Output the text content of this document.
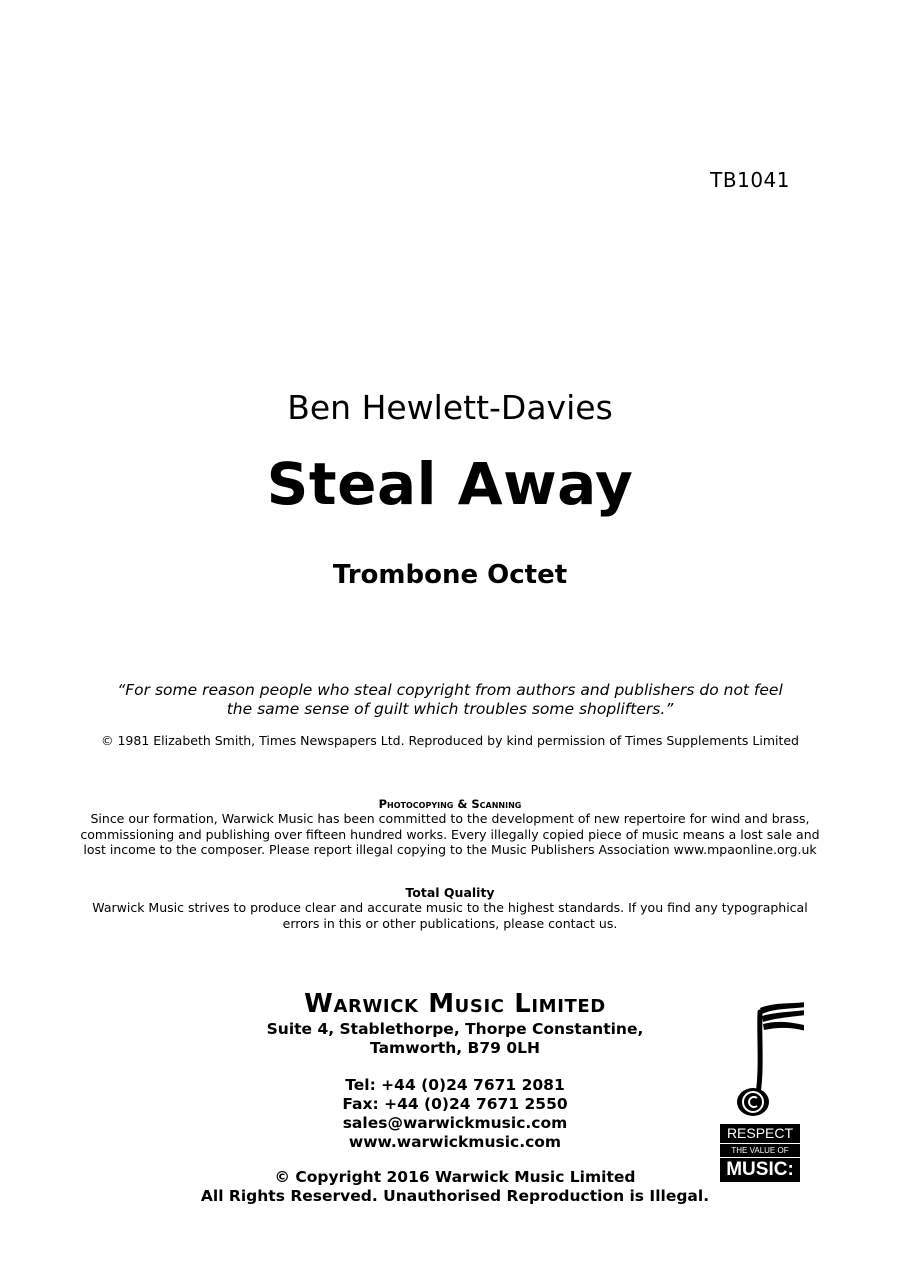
TB1041
Ben Hewlett-Davies
Steal Away
Trombone Octet
“For some reason people who steal copyright from authors and publishers do not feel
the same sense of guilt which troubles some shoplifters.”
© 1981 Elizabeth Smith, Times Newspapers Ltd. Reproduced by kind permission of Times Supplements Limited
Photocopying & Scanning
Since our formation, Warwick Music has been committed to the development of new repertoire for wind and brass,
commissioning and publishing over fifteen hundred works. Every illegally copied piece of music means a lost sale and
lost income to the composer. Please report illegal copying to the Music Publishers Association www.mpaonline.org.uk
Total Quality
Warwick Music strives to produce clear and accurate music to the highest standards. If you find any typographical
errors in this or other publications, please contact us.
Warwick Music Limited
Suite 4, Stablethorpe, Thorpe Constantine,
Tamworth, B79 0LH
Tel: +44 (0)24 7671 2081
Fax: +44 (0)24 7671 2550
sales@warwickmusic.com
www.warwickmusic.com
© Copyright 2016 Warwick Music Limited
All Rights Reserved. Unauthorised Reproduction is Illegal.
RESPECT
THE VALUE OF
MUSIC:
